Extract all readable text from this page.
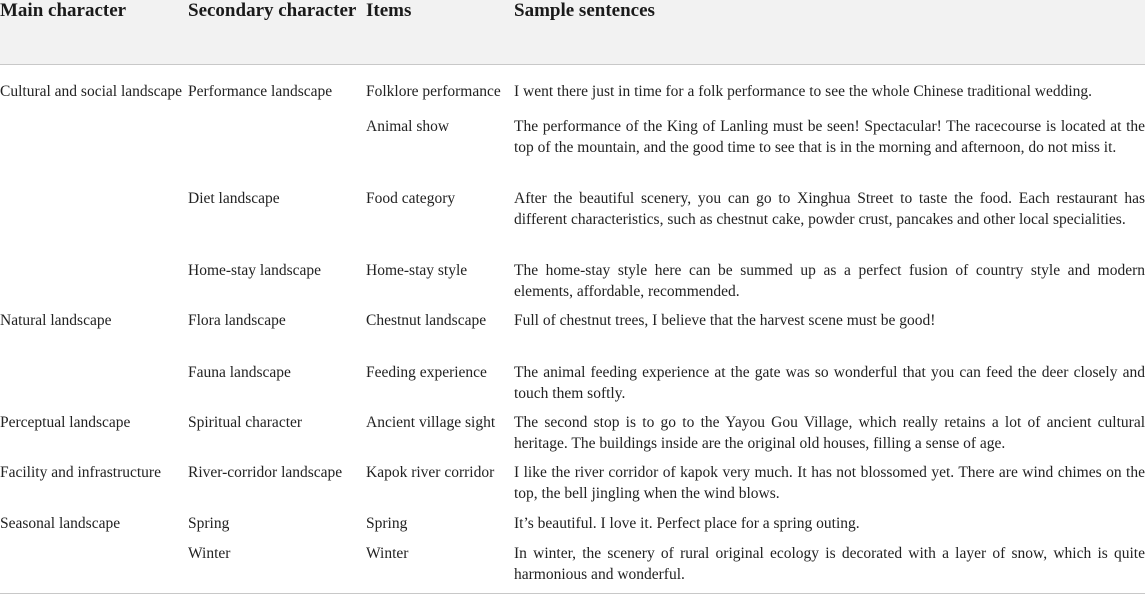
Main character	Secondary character	Items	Sample sentences
Cultural and social landscape	Performance landscape	Folklore performance	I went there just in time for a folk performance to see the whole Chinese traditional wedding.
		Animal show	The performance of the King of Lanling must be seen! Spectacular! The racecourse is located at the top of the mountain, and the good time to see that is in the morning and afternoon, do not miss it.
	Diet landscape	Food category	After the beautiful scenery, you can go to Xinghua Street to taste the food. Each restaurant has different characteristics, such as chestnut cake, powder crust, pancakes and other local specialities.
	Home-stay landscape	Home-stay style	The home-stay style here can be summed up as a perfect fusion of country style and modern elements, affordable, recommended.
Natural landscape	Flora landscape	Chestnut landscape	Full of chestnut trees, I believe that the harvest scene must be good!
	Fauna landscape	Feeding experience	The animal feeding experience at the gate was so wonderful that you can feed the deer closely and touch them softly.
Perceptual landscape	Spiritual character	Ancient village sight	The second stop is to go to the Yayou Gou Village, which really retains a lot of ancient cultural heritage. The buildings inside are the original old houses, filling a sense of age.
Facility and infrastructure	River-corridor landscape	Kapok river corridor	I like the river corridor of kapok very much. It has not blossomed yet. There are wind chimes on the top, the bell jingling when the wind blows.
Seasonal landscape	Spring	Spring	It’s beautiful. I love it. Perfect place for a spring outing.
	Winter	Winter	In winter, the scenery of rural original ecology is decorated with a layer of snow, which is quite harmonious and wonderful.
